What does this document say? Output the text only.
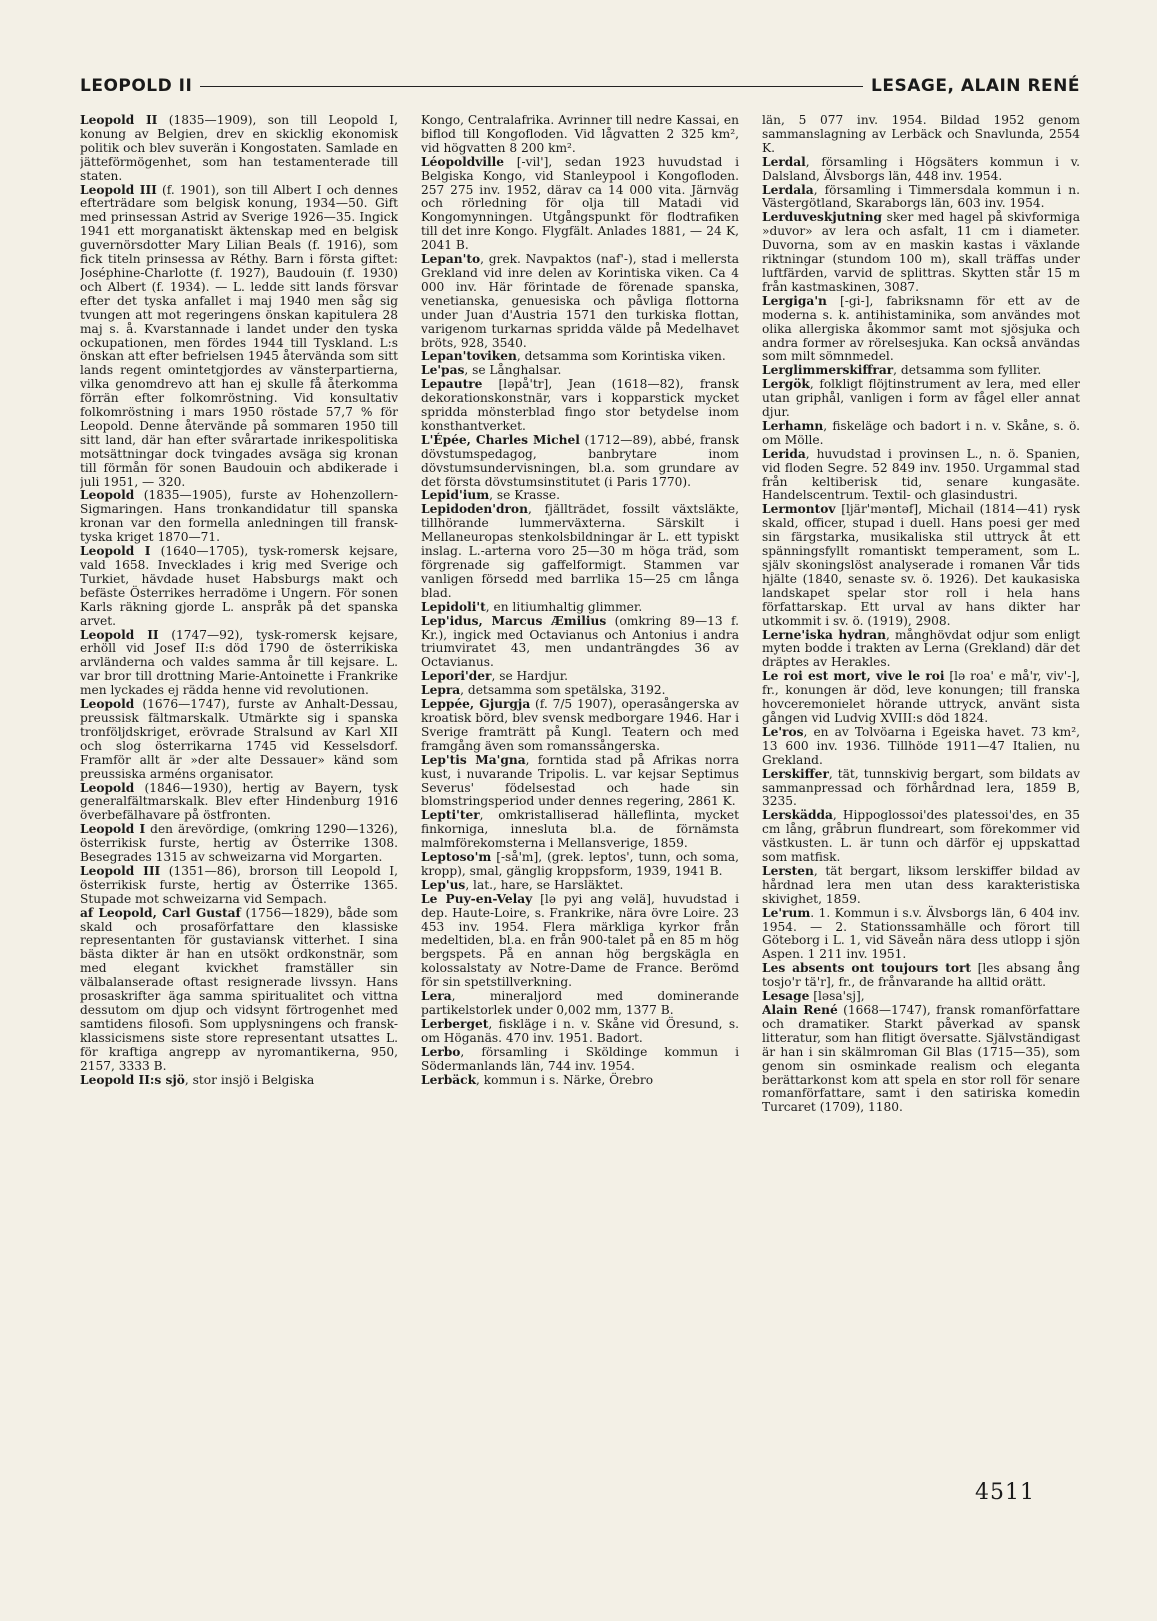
LEOPOLD II	LESAGE, ALAIN RENÉ

Leopold II (1835—1909), son till Leopold I, konung av Belgien, drev en skicklig ekonomisk politik och blev suverän i Kongostaten. Samlade en jätteförmögenhet, som han testamenterade till staten.

Leopold III (f. 1901), son till Albert I och dennes efterträdare som belgisk konung, 1934—50. Gift med prinsessan Astrid av Sverige 1926—35. Ingick 1941 ett morganatiskt äktenskap med en belgisk guvernörsdotter Mary Lilian Beals (f. 1916), som fick titeln prinsessa av Réthy. Barn i första giftet: Joséphine-Charlotte (f. 1927), Baudouin (f. 1930) och Albert (f. 1934). — L. ledde sitt lands försvar efter det tyska anfallet i maj 1940 men såg sig tvungen att mot regeringens önskan kapitulera 28 maj s. å. Kvarstannade i landet under den tyska ockupationen, men fördes 1944 till Tyskland. L:s önskan att efter befrielsen 1945 återvända som sitt lands regent omintetgjordes av vänsterpartierna, vilka genomdrevo att han ej skulle få återkomma förrän efter folkomröstning. Vid konsultativ folkomröstning i mars 1950 röstade 57,7 % för Leopold. Denne återvände på sommaren 1950 till sitt land, där han efter svårartade inrikespolitiska motsättningar dock tvingades avsäga sig kronan till förmån för sonen Baudouin och abdikerade i juli 1951, — 320.

Leopold (1835—1905), furste av Hohenzollern-Sigmaringen. Hans tronkandidatur till spanska kronan var den formella anledningen till fransk-tyska kriget 1870—71.

Leopold I (1640—1705), tysk-romersk kejsare, vald 1658. Invecklades i krig med Sverige och Turkiet, hävdade huset Habsburgs makt och befäste Österrikes herradöme i Ungern. För sonen Karls räkning gjorde L. anspråk på det spanska arvet.

Leopold II (1747—92), tysk-romersk kejsare, erhöll vid Josef II:s död 1790 de österrikiska arvländerna och valdes samma år till kejsare. L. var bror till drottning Marie-Antoinette i Frankrike men lyckades ej rädda henne vid revolutionen.

Leopold (1676—1747), furste av Anhalt-Dessau, preussisk fältmarskalk. Utmärkte sig i spanska tronföljdskriget, erövrade Stralsund av Karl XII och slog österrikarna 1745 vid Kesselsdorf. Framför allt är »der alte Dessauer» känd som preussiska arméns organisator.

Leopold (1846—1930), hertig av Bayern, tysk generalfältmarskalk. Blev efter Hindenburg 1916 överbefälhavare på östfronten.

Leopold I den ärevördige, (omkring 1290—1326), österrikisk furste, hertig av Österrike 1308. Besegrades 1315 av schweizarna vid Morgarten.

Leopold III (1351—86), brorson till Leopold I, österrikisk furste, hertig av Österrike 1365. Stupade mot schweizarna vid Sempach.

af Leopold, Carl Gustaf (1756—1829), både som skald och prosaförfattare den klassiske representanten för gustaviansk vitterhet. I sina bästa dikter är han en utsökt ordkonstnär, som med elegant kvickhet framställer sin välbalanserade oftast resignerade livssyn. Hans prosaskrifter äga samma spiritualitet och vittna dessutom om djup och vidsynt förtrogenhet med samtidens filosofi. Som upplysningens och fransk-klassicismens siste store representant utsattes L. för kraftiga angrepp av nyromantikerna, 950, 2157, 3333 B.

Leopold II:s sjö, stor insjö i Belgiska

Kongo, Centralafrika. Avrinner till nedre Kassai, en biflod till Kongofloden. Vid lågvatten 2 325 km², vid högvatten 8 200 km².

Léopoldville [-vil'], sedan 1923 huvudstad i Belgiska Kongo, vid Stanleypool i Kongofloden. 257 275 inv. 1952, därav ca 14 000 vita. Järnväg och rörledning för olja till Matadi vid Kongomynningen. Utgångspunkt för flodtrafiken till det inre Kongo. Flygfält. Anlades 1881, — 24 K, 2041 B.

Lepan'to, grek. Navpaktos (naf'-), stad i mellersta Grekland vid inre delen av Korintiska viken. Ca 4 000 inv. Här förintade de förenade spanska, venetianska, genuesiska och påvliga flottorna under Juan d'Austria 1571 den turkiska flottan, varigenom turkarnas spridda välde på Medelhavet bröts, 928, 3540.

Lepan'toviken, detsamma som Korintiska viken.

Le'pas, se Långhalsar.

Lepautre [ləpå'tr], Jean (1618—82), fransk dekorationskonstnär, vars i kopparstick mycket spridda mönsterblad fingo stor betydelse inom konsthantverket.

L'Épée, Charles Michel (1712—89), abbé, fransk dövstumspedagog, banbrytare inom dövstumsundervisningen, bl.a. som grundare av det första dövstumsinstitutet (i Paris 1770).

Lepid'ium, se Krasse.

Lepidoden'dron, fjällträdet, fossilt växtsläkte, tillhörande lummerväxterna. Särskilt i Mellaneuropas stenkolsbildningar är L. ett typiskt inslag. L.-arterna voro 25—30 m höga träd, som förgrenade sig gaffelformigt. Stammen var vanligen försedd med barrlika 15—25 cm långa blad.

Lepidoli't, en litiumhaltig glimmer.

Lep'idus, Marcus Æmilius (omkring 89—13 f. Kr.), ingick med Octavianus och Antonius i andra triumviratet 43, men undanträngdes 36 av Octavianus.

Lepori'der, se Hardjur.

Lepra, detsamma som spetälska, 3192.

Leppée, Gjurgja (f. 7/5 1907), operasångerska av kroatisk börd, blev svensk medborgare 1946. Har i Sverige framträtt på Kungl. Teatern och med framgång även som romanssångerska.

Lep'tis Ma'gna, forntida stad på Afrikas norra kust, i nuvarande Tripolis. L. var kejsar Septimus Severus' födelsestad och hade sin blomstringsperiod under dennes regering, 2861 K.

Lepti'ter, omkristalliserad hälleflinta, mycket finkorniga, innesluta bl.a. de förnämsta malmförekomsterna i Mellansverige, 1859.

Leptoso'm [-så'm], (grek. leptos', tunn, och soma, kropp), smal, gänglig kroppsform, 1939, 1941 B.

Lep'us, lat., hare, se Harsläktet.

Le Puy-en-Velay [lə pyi ang vəlä], huvudstad i dep. Haute-Loire, s. Frankrike, nära övre Loire. 23 453 inv. 1954. Flera märkliga kyrkor från medeltiden, bl.a. en från 900-talet på en 85 m hög bergspets. På en annan hög bergskägla en kolossalstaty av Notre-Dame de France. Berömd för sin spetstillverkning.

Lera, mineraljord med dominerande partikelstorlek under 0,002 mm, 1377 B.

Lerberget, fiskläge i n. v. Skåne vid Öresund, s. om Höganäs. 470 inv. 1951. Badort.

Lerbo, församling i Sköldinge kommun i Södermanlands län, 744 inv. 1954.

Lerbäck, kommun i s. Närke, Örebro

län, 5 077 inv. 1954. Bildad 1952 genom sammanslagning av Lerbäck och Snavlunda, 2554 K.

Lerdal, församling i Högsäters kommun i v. Dalsland, Älvsborgs län, 448 inv. 1954.

Lerdala, församling i Timmersdala kommun i n. Västergötland, Skaraborgs län, 603 inv. 1954.

Lerduveskjutning sker med hagel på skivformiga »duvor» av lera och asfalt, 11 cm i diameter. Duvorna, som av en maskin kastas i växlande riktningar (stundom 100 m), skall träffas under luftfärden, varvid de splittras. Skytten står 15 m från kastmaskinen, 3087.

Lergiga'n [-gi-], fabriksnamn för ett av de moderna s. k. antihistaminika, som användes mot olika allergiska åkommor samt mot sjösjuka och andra former av rörelsesjuka. Kan också användas som milt sömnmedel.

Lerglimmerskiffrar, detsamma som fylliter.

Lergök, folkligt flöjtinstrument av lera, med eller utan griphål, vanligen i form av fågel eller annat djur.

Lerhamn, fiskeläge och badort i n. v. Skåne, s. ö. om Mölle.

Lerida, huvudstad i provinsen L., n. ö. Spanien, vid floden Segre. 52 849 inv. 1950. Urgammal stad från keltiberisk tid, senare kungasäte. Handelscentrum. Textil- och glasindustri.

Lermontov [ljär'məntəf], Michail (1814—41) rysk skald, officer, stupad i duell. Hans poesi ger med sin färgstarka, musikaliska stil uttryck åt ett spänningsfyllt romantiskt temperament, som L. själv skoningslöst analyserade i romanen Vår tids hjälte (1840, senaste sv. ö. 1926). Det kaukasiska landskapet spelar stor roll i hela hans författarskap. Ett urval av hans dikter har utkommit i sv. ö. (1919), 2908.

Lerne'iska hydran, månghövdat odjur som enligt myten bodde i trakten av Lerna (Grekland) där det dräptes av Herakles.

Le roi est mort, vive le roi [lə roa' e må'r, viv'-], fr., konungen är död, leve konungen; till franska hovceremonielet hörande uttryck, använt sista gången vid Ludvig XVIII:s död 1824.

Le'ros, en av Tolvöarna i Egeiska havet. 73 km², 13 600 inv. 1936. Tillhöde 1911—47 Italien, nu Grekland.

Lerskiffer, tät, tunnskivig bergart, som bildats av sammanpressad och förhårdnad lera, 1859 B, 3235.

Lerskädda, Hippoglossoi'des platessoi'des, en 35 cm lång, gråbrun flundreart, som förekommer vid västkusten. L. är tunn och därför ej uppskattad som matfisk.

Lersten, tät bergart, liksom lerskiffer bildad av hårdnad lera men utan dess karakteristiska skivighet, 1859.

Le'rum. 1. Kommun i s.v. Älvsborgs län, 6 404 inv. 1954. — 2. Stationssamhälle och förort till Göteborg i L. 1, vid Säveån nära dess utlopp i sjön Aspen. 1 211 inv. 1951.

Les absents ont toujours tort [les absang ång tosjo'r tä'r], fr., de frånvarande ha alltid orätt.

Lesage [ləsa'sj],

Alain René (1668—1747), fransk romanförfattare och dramatiker. Starkt påverkad av spansk litteratur, som han flitigt översatte. Självständigast är han i sin skälmroman Gil Blas (1715—35), som genom sin osminkade realism och eleganta berättarkonst kom att spela en stor roll för senare romanförfattare, samt i den satiriska komedin Turcaret (1709), 1180.

4511
